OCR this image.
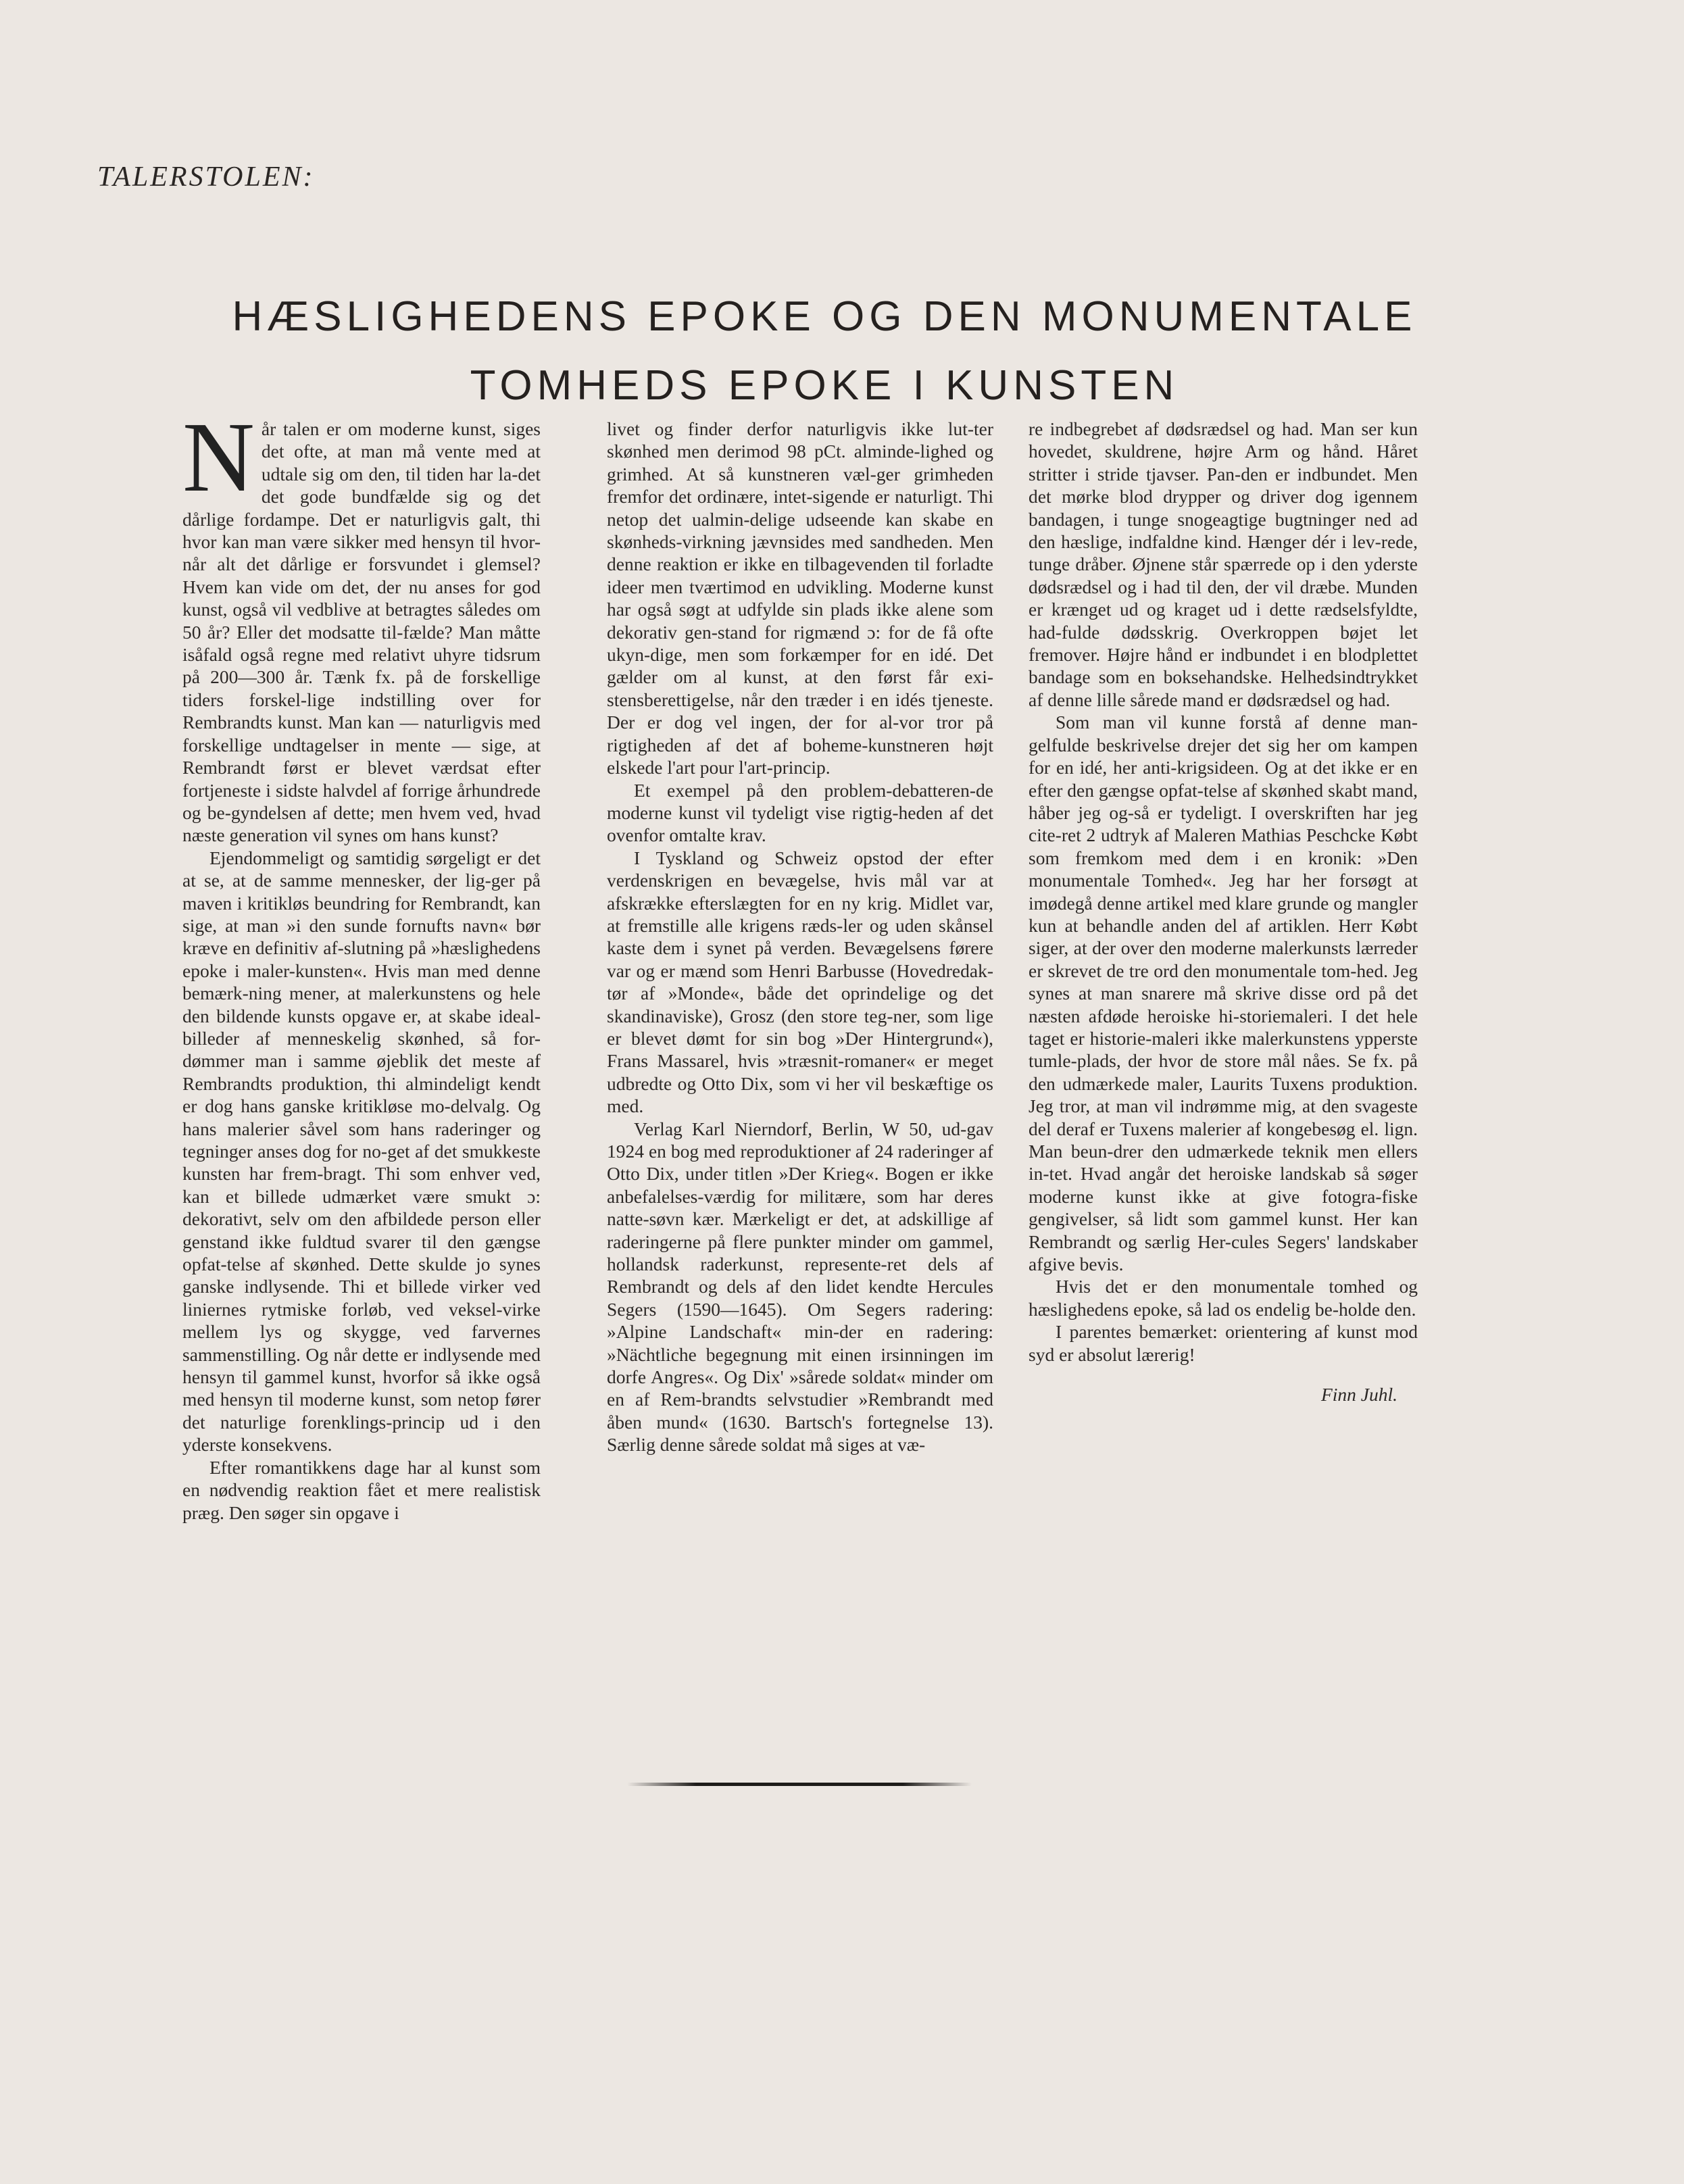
TALERSTOLEN:
HÆSLIGHEDENS EPOKE OG DEN MONUMENTALE
TOMHEDS EPOKE I KUNSTEN
N år talen er om moderne kunst, siges det ofte, at man må vente med at udtale sig om den, til tiden har la-det det gode bundfælde sig og det dårlige fordampe. Det er naturligvis galt, thi hvor kan man være sikker med hensyn til hvor-når alt det dårlige er forsvundet i glemsel? Hvem kan vide om det, der nu anses for god kunst, også vil vedblive at betragtes således om 50 år? Eller det modsatte til-fælde? Man måtte isåfald også regne med relativt uhyre tidsrum på 200—300 år. Tænk fx. på de forskellige tiders forskel-lige indstilling over for Rembrandts kunst. Man kan — naturligvis med forskellige undtagelser in mente — sige, at Rembrandt først er blevet værdsat efter fortjeneste i sidste halvdel af forrige århundrede og be-gyndelsen af dette; men hvem ved, hvad næste generation vil synes om hans kunst?

Ejendommeligt og samtidig sørgeligt er det at se, at de samme mennesker, der lig-ger på maven i kritikløs beundring for Rembrandt, kan sige, at man »i den sunde fornufts navn« bør kræve en definitiv af-slutning på »hæslighedens epoke i maler-kunsten«. Hvis man med denne bemærk-ning mener, at malerkunstens og hele den bildende kunsts opgave er, at skabe ideal-billeder af menneskelig skønhed, så for-dømmer man i samme øjeblik det meste af Rembrandts produktion, thi almindeligt kendt er dog hans ganske kritikløse mo-delvalg. Og hans malerier såvel som hans raderinger og tegninger anses dog for no-get af det smukkeste kunsten har frem-bragt. Thi som enhver ved, kan et billede udmærket være smukt ɔ: dekorativt, selv om den afbildede person eller genstand ikke fuldtud svarer til den gængse opfat-telse af skønhed. Dette skulde jo synes ganske indlysende. Thi et billede virker ved liniernes rytmiske forløb, ved veksel-virke mellem lys og skygge, ved farvernes sammenstilling. Og når dette er indlysende med hensyn til gammel kunst, hvorfor så ikke også med hensyn til moderne kunst, som netop fører det naturlige forenklings-princip ud i den yderste konsekvens.

Efter romantikkens dage har al kunst som en nødvendig reaktion fået et mere realistisk præg. Den søger sin opgave i

livet og finder derfor naturligvis ikke lut-ter skønhed men derimod 98 pCt. alminde-lighed og grimhed. At så kunstneren væl-ger grimheden fremfor det ordinære, intet-sigende er naturligt. Thi netop det ualmin-delige udseende kan skabe en skønheds-virkning jævnsides med sandheden. Men denne reaktion er ikke en tilbagevenden til forladte ideer men tværtimod en udvikling. Moderne kunst har også søgt at udfylde sin plads ikke alene som dekorativ gen-stand for rigmænd ɔ: for de få ofte ukyn-dige, men som forkæmper for en idé. Det gælder om al kunst, at den først får exi-stensberettigelse, når den træder i en idés tjeneste. Der er dog vel ingen, der for al-vor tror på rigtigheden af det af boheme-kunstneren højt elskede l'art pour l'art-princip.

Et exempel på den problem-debatteren-de moderne kunst vil tydeligt vise rigtig-heden af det ovenfor omtalte krav.

I Tyskland og Schweiz opstod der efter verdenskrigen en bevægelse, hvis mål var at afskrække efterslægten for en ny krig. Midlet var, at fremstille alle krigens ræds-ler og uden skånsel kaste dem i synet på verden. Bevægelsens førere var og er mænd som Henri Barbusse (Hovedredak-tør af »Monde«, både det oprindelige og det skandinaviske), Grosz (den store teg-ner, som lige er blevet dømt for sin bog »Der Hintergrund«), Frans Massarel, hvis »træsnit-romaner« er meget udbredte og Otto Dix, som vi her vil beskæftige os med.

Verlag Karl Nierndorf, Berlin, W 50, ud-gav 1924 en bog med reproduktioner af 24 raderinger af Otto Dix, under titlen »Der Krieg«. Bogen er ikke anbefalelses-værdig for militære, som har deres natte-søvn kær. Mærkeligt er det, at adskillige af raderingerne på flere punkter minder om gammel, hollandsk raderkunst, represente-ret dels af Rembrandt og dels af den lidet kendte Hercules Segers (1590—1645). Om Segers radering: »Alpine Landschaft« min-der en radering: »Nächtliche begegnung mit einen irsinningen im dorfe Angres«. Og Dix' »sårede soldat« minder om en af Rem-brandts selvstudier »Rembrandt med åben mund« (1630. Bartsch's fortegnelse 13). Særlig denne sårede soldat må siges at væ-

re indbegrebet af dødsrædsel og had. Man ser kun hovedet, skuldrene, højre Arm og hånd. Håret stritter i stride tjavser. Pan-den er indbundet. Men det mørke blod drypper og driver dog igennem bandagen, i tunge snogeagtige bugtninger ned ad den hæslige, indfaldne kind. Hænger dér i lev-rede, tunge dråber. Øjnene står spærrede op i den yderste dødsrædsel og i had til den, der vil dræbe. Munden er krænget ud og kraget ud i dette rædselsfyldte, had-fulde dødsskrig. Overkroppen bøjet let fremover. Højre hånd er indbundet i en blodplettet bandage som en boksehandske. Helhedsindtrykket af denne lille sårede mand er dødsrædsel og had.

Som man vil kunne forstå af denne man-gelfulde beskrivelse drejer det sig her om kampen for en idé, her anti-krigsideen. Og at det ikke er en efter den gængse opfat-telse af skønhed skabt mand, håber jeg og-så er tydeligt. I overskriften har jeg cite-ret 2 udtryk af Maleren Mathias Peschcke Købt som fremkom med dem i en kronik: »Den monumentale Tomhed«. Jeg har her forsøgt at imødegå denne artikel med klare grunde og mangler kun at behandle anden del af artiklen. Herr Købt siger, at der over den moderne malerkunsts lærreder er skrevet de tre ord den monumentale tom-hed. Jeg synes at man snarere må skrive disse ord på det næsten afdøde heroiske hi-storiemaleri. I det hele taget er historie-maleri ikke malerkunstens ypperste tumle-plads, der hvor de store mål nåes. Se fx. på den udmærkede maler, Laurits Tuxens produktion. Jeg tror, at man vil indrømme mig, at den svageste del deraf er Tuxens malerier af kongebesøg el. lign. Man beun-drer den udmærkede teknik men ellers in-tet. Hvad angår det heroiske landskab så søger moderne kunst ikke at give fotogra-fiske gengivelser, så lidt som gammel kunst. Her kan Rembrandt og særlig Her-cules Segers' landskaber afgive bevis.

Hvis det er den monumentale tomhed og hæslighedens epoke, så lad os endelig be-holde den.

I parentes bemærket: orientering af kunst mod syd er absolut lærerig!

Finn Juhl.
